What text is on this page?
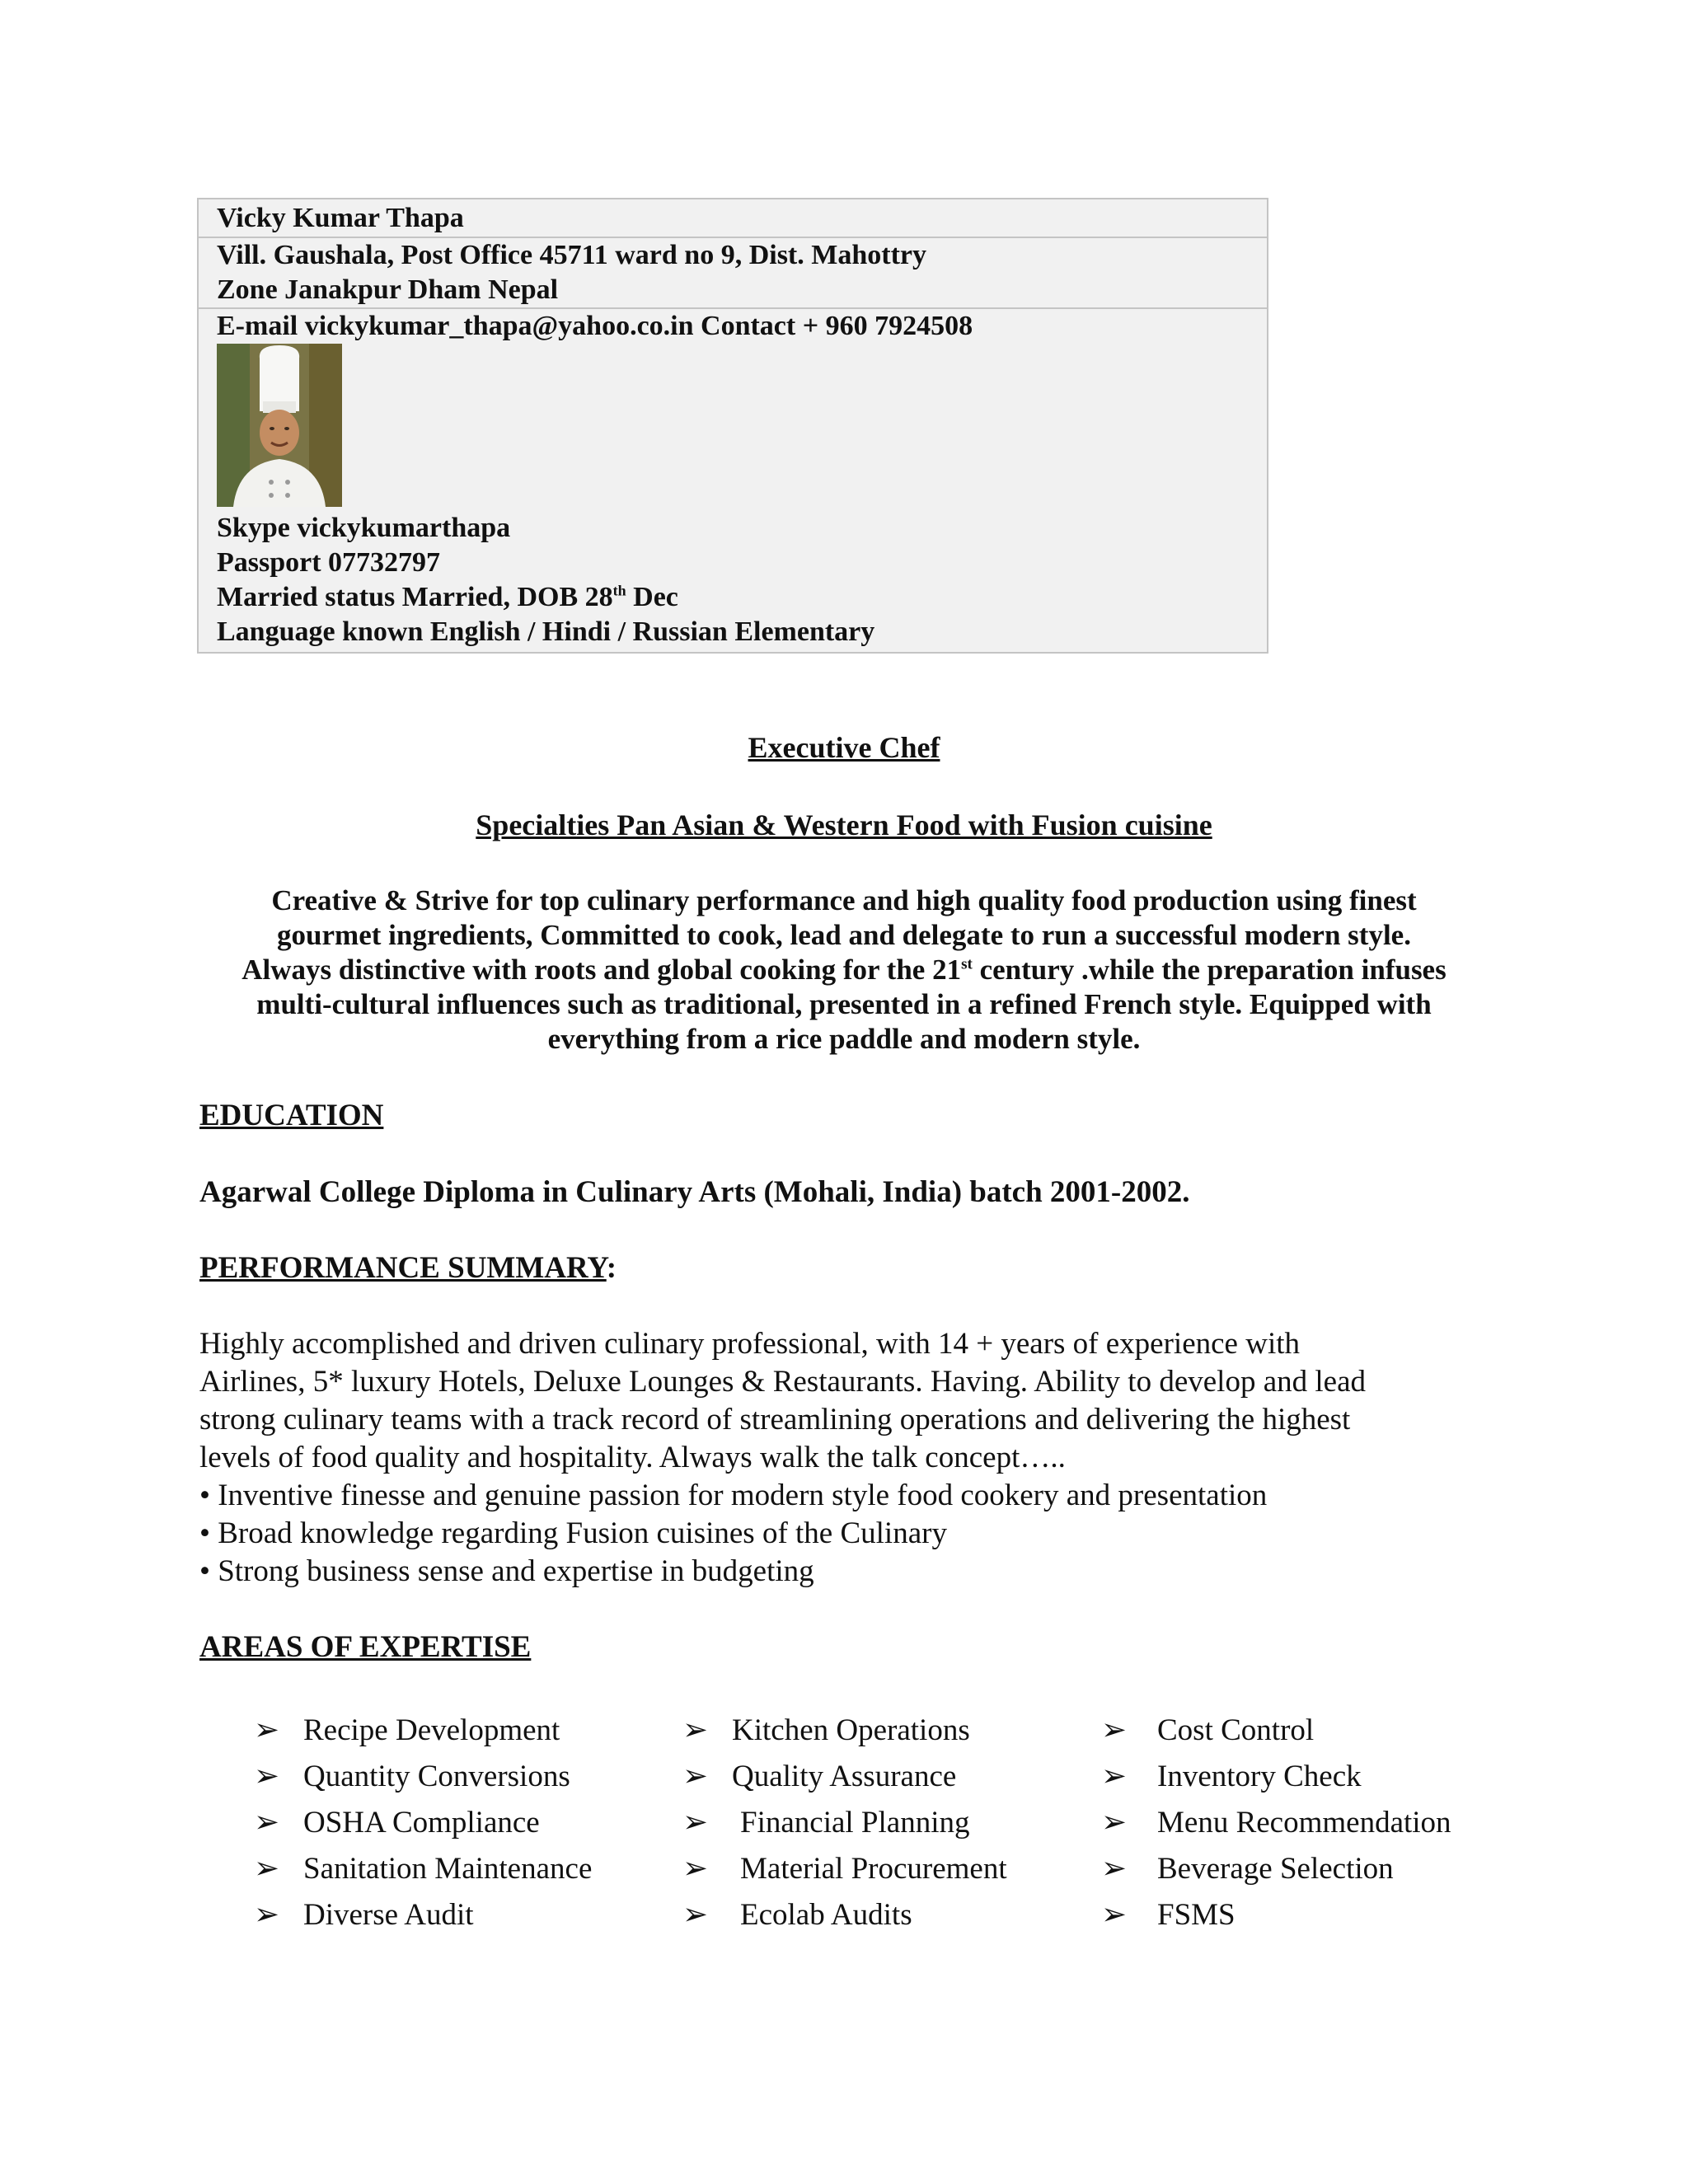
Vicky Kumar Thapa
Vill. Gaushala, Post Office 45711 ward no 9, Dist. Mahottry
Zone Janakpur Dham Nepal
E-mail vickykumar_thapa@yahoo.co.in Contact + 960 7924508
Skype vickykumarthapa
Passport 07732797
Married status Married, DOB 28th Dec
Language known English / Hindi / Russian Elementary
Executive Chef
Specialties Pan Asian & Western Food with Fusion cuisine
Creative & Strive for top culinary performance and high quality food production using finest
gourmet ingredients, Committed to cook, lead and delegate to run a successful modern style.
Always distinctive with roots and global cooking for the 21st century .while the preparation infuses
multi-cultural influences such as traditional, presented in a refined French style. Equipped with
everything from a rice paddle and modern style.
EDUCATION
Agarwal College Diploma in Culinary Arts (Mohali, India) batch 2001-2002.
PERFORMANCE SUMMARY:
Highly accomplished and driven culinary professional, with 14 + years of experience with
Airlines, 5* luxury Hotels, Deluxe Lounges & Restaurants. Having. Ability to develop and lead
strong culinary teams with a track record of streamlining operations and delivering the highest
levels of food quality and hospitality. Always walk the talk concept…..
• Inventive finesse and genuine passion for modern style food cookery and presentation
• Broad knowledge regarding Fusion cuisines of the Culinary
• Strong business sense and expertise in budgeting
AREAS OF EXPERTISE
➢ Recipe Development
➢ Quantity Conversions
➢ OSHA Compliance
➢ Sanitation Maintenance
➢ Diverse Audit
➢ Kitchen Operations
➢ Quality Assurance
➢ Financial Planning
➢ Material Procurement
➢ Ecolab Audits
➢ Cost Control
➢ Inventory Check
➢ Menu Recommendation
➢ Beverage Selection
➢ FSMS
